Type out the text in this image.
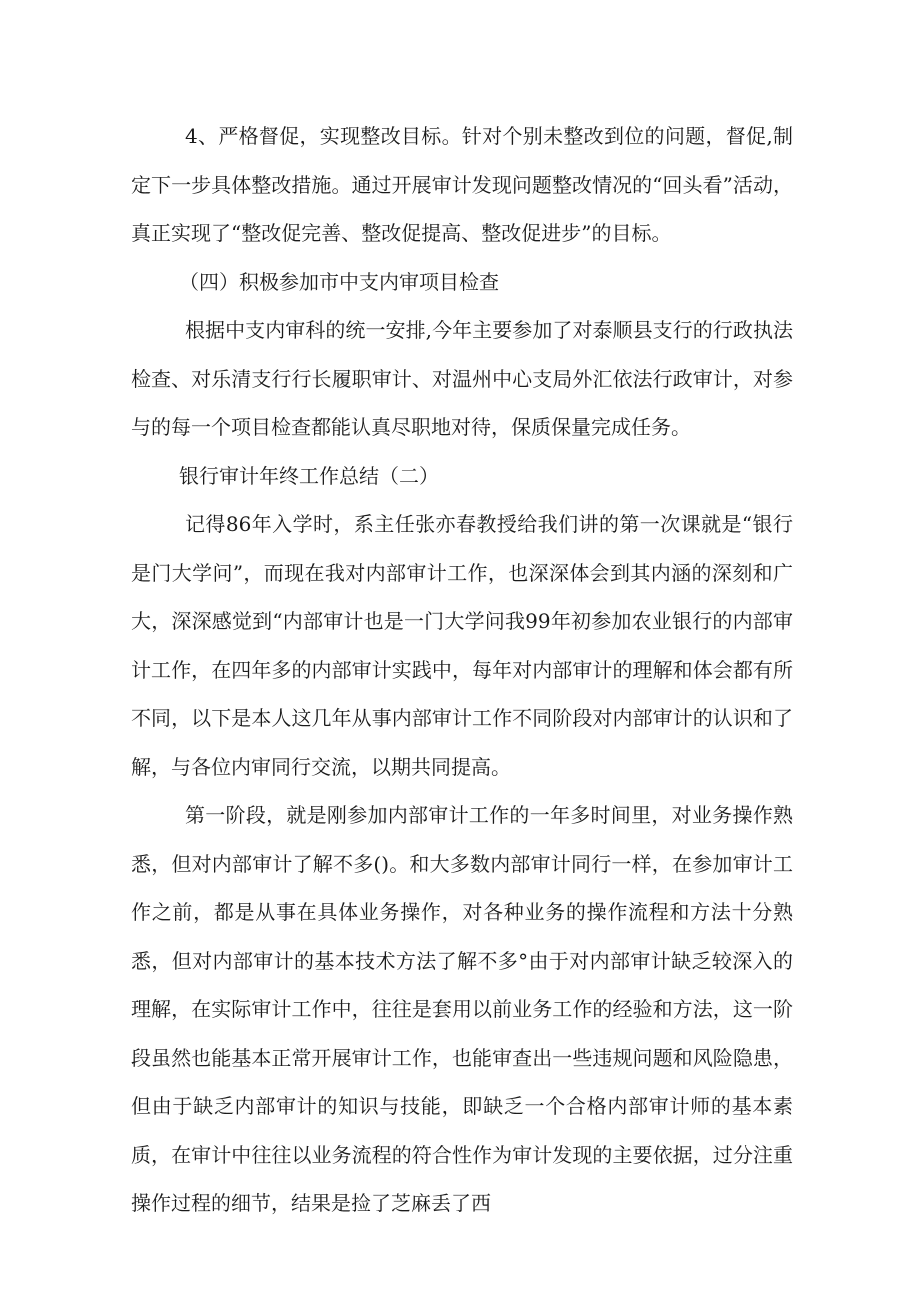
4、严格督促，实现整改目标。针对个别未整改到位的问题，督促,制定下一步具体整改措施。通过开展审计发现问题整改情况的“回头看”活动，真正实现了“整改促完善、整改促提高、整改促进步”的目标。

（四）积极参加市中支内审项目检查

根据中支内审科的统一安排,今年主要参加了对泰顺县支行的行政执法检查、对乐清支行行长履职审计、对温州中心支局外汇依法行政审计，对参与的每一个项目检查都能认真尽职地对待，保质保量完成任务。

银行审计年终工作总结（二）

记得86年入学时，系主任张亦春教授给我们讲的第一次课就是“银行是门大学问”，而现在我对内部审计工作，也深深体会到其内涵的深刻和广大，深深感觉到“内部审计也是一门大学问我99年初参加农业银行的内部审计工作，在四年多的内部审计实践中，每年对内部审计的理解和体会都有所不同，以下是本人这几年从事内部审计工作不同阶段对内部审计的认识和了解，与各位内审同行交流，以期共同提高。

第一阶段，就是刚参加内部审计工作的一年多时间里，对业务操作熟悉，但对内部审计了解不多()。和大多数内部审计同行一样，在参加审计工作之前，都是从事在具体业务操作，对各种业务的操作流程和方法十分熟悉，但对内部审计的基本技术方法了解不多°由于对内部审计缺乏较深入的理解，在实际审计工作中，往往是套用以前业务工作的经验和方法，这一阶段虽然也能基本正常开展审计工作，也能审查出一些违规问题和风险隐患，但由于缺乏内部审计的知识与技能，即缺乏一个合格内部审计师的基本素质，在审计中往往以业务流程的符合性作为审计发现的主要依据，过分注重操作过程的细节，结果是捡了芝麻丢了西
